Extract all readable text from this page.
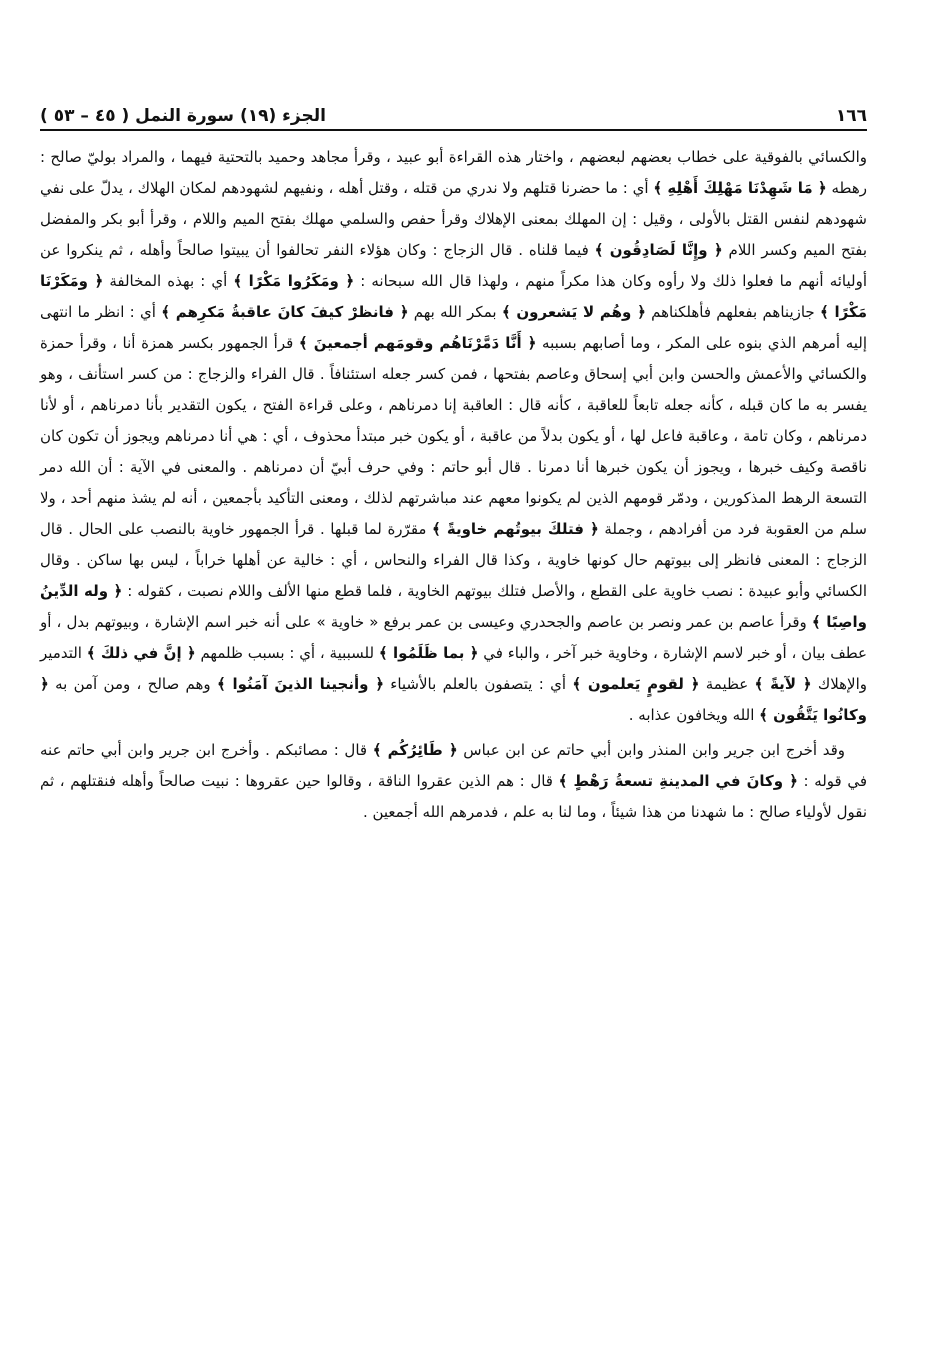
١٦٦
الجزء (١٩) سورة النمل ( ٤٥ – ٥٣ )

والكسائي بالفوقية على خطاب بعضهم لبعضهم ، واختار هذه القراءة أبو عبيد ، وقرأ مجاهد وحميد بالتحتية فيهما ، والمراد بوليّ صالح : رهطه ﴿ مَا شَهِدْنَا مَهْلِكَ أَهْلِهِ ﴾ أي : ما حضرنا قتلهم ولا ندري من قتله ، وقتل أهله ، ونفيهم لشهودهم لمكان الهلاك ، يدلّ على نفي شهودهم لنفس القتل بالأولى ، وقيل : إن المهلك بمعنى الإهلاك وقرأ حفص والسلمي مهلك بفتح الميم واللام ، وقرأ أبو بكر والمفضل بفتح الميم وكسر اللام ﴿ وإِنَّا لَصَادِقُون ﴾ فيما قلناه . قال الزجاج : وكان هؤلاء النفر تحالفوا أن يبيتوا صالحاً وأهله ، ثم ينكروا عن أوليائه أنهم ما فعلوا ذلك ولا رأوه وكان هذا مكراً منهم ، ولهذا قال الله سبحانه : ﴿ ومَكَرُوا مَكْرًا ﴾ أي : بهذه المخالفة ﴿ ومَكَرْنَا مَكْرًا ﴾ جازيناهم بفعلهم فأهلكناهم ﴿ وهُم لا يَشعرون ﴾ بمكر الله بهم ﴿ فانظرْ كيفَ كانَ عاقبةُ مَكرِهم ﴾ أي : انظر ما انتهى إليه أمرهم الذي بنوه على المكر ، وما أصابهم بسببه ﴿ أَنَّا دَمَّرْنَاهُم وقومَهم أجمعينَ ﴾ قرأ الجمهور بكسر همزة أنا ، وقرأ حمزة والكسائي والأعمش والحسن وابن أبي إسحاق وعاصم بفتحها ، فمن كسر جعله استئنافاً . قال الفراء والزجاج : من كسر استأنف ، وهو يفسر به ما كان قبله ، كأنه جعله تابعاً للعاقبة ، كأنه قال : العاقبة إنا دمرناهم ، وعلى قراءة الفتح ، يكون التقدير بأنا دمرناهم ، أو لأنا دمرناهم ، وكان تامة ، وعاقبة فاعل لها ، أو يكون بدلاً من عاقبة ، أو يكون خبر مبتدأ محذوف ، أي : هي أنا دمرناهم ويجوز أن تكون كان ناقصة وكيف خبرها ، ويجوز أن يكون خبرها أنا دمرنا . قال أبو حاتم : وفي حرف أبيّ أن دمرناهم . والمعنى في الآية : أن الله دمر التسعة الرهط المذكورين ، ودمّر قومهم الذين لم يكونوا معهم عند مباشرتهم لذلك ، ومعنى التأكيد بأجمعين ، أنه لم يشذ منهم أحد ، ولا سلم من العقوبة فرد من أفرادهم ، وجملة ﴿ فتلكَ بيوتُهم خاويةً ﴾ مقرّرة لما قبلها . قرأ الجمهور خاوية بالنصب على الحال . قال الزجاج : المعنى فانظر إلى بيوتهم حال كونها خاوية ، وكذا قال الفراء والنحاس ، أي : خالية عن أهلها خراباً ، ليس بها ساكن . وقال الكسائي وأبو عبيدة : نصب خاوية على القطع ، والأصل فتلك بيوتهم الخاوية ، فلما قطع منها الألف واللام نصبت ، كقوله : ﴿ وله الدِّينُ واصِبًا ﴾ وقرأ عاصم بن عمر ونصر بن عاصم والجحدري وعيسى بن عمر برفع « خاوية » على أنه خبر اسم الإشارة ، وبيوتهم بدل ، أو عطف بيان ، أو خبر لاسم الإشارة ، وخاوية خبر آخر ، والباء في ﴿ بما ظَلَمُوا ﴾ للسببية ، أي : بسبب ظلمهم ﴿ إنَّ في ذلكَ ﴾ التدمير والإهلاك ﴿ لآيةً ﴾ عظيمة ﴿ لقومٍ يَعلمون ﴾ أي : يتصفون بالعلم بالأشياء ﴿ وأنجينا الذينَ آمَنُوا ﴾ وهم صالح ، ومن آمن به ﴿ وكانُوا يَتَّقُون ﴾ الله ويخافون عذابه .

وقد أخرج ابن جرير وابن المنذر وابن أبي حاتم عن ابن عباس ﴿ طَائِرُكُم ﴾ قال : مصائبكم . وأخرج ابن جرير وابن أبي حاتم عنه في قوله : ﴿ وكانَ في المدينةِ تسعةُ رَهْطٍ ﴾ قال : هم الذين عقروا الناقة ، وقالوا حين عقروها : نبيت صالحاً وأهله فنقتلهم ، ثم نقول لأولياء صالح : ما شهدنا من هذا شيئاً ، وما لنا به علم ، فدمرهم الله أجمعين .
